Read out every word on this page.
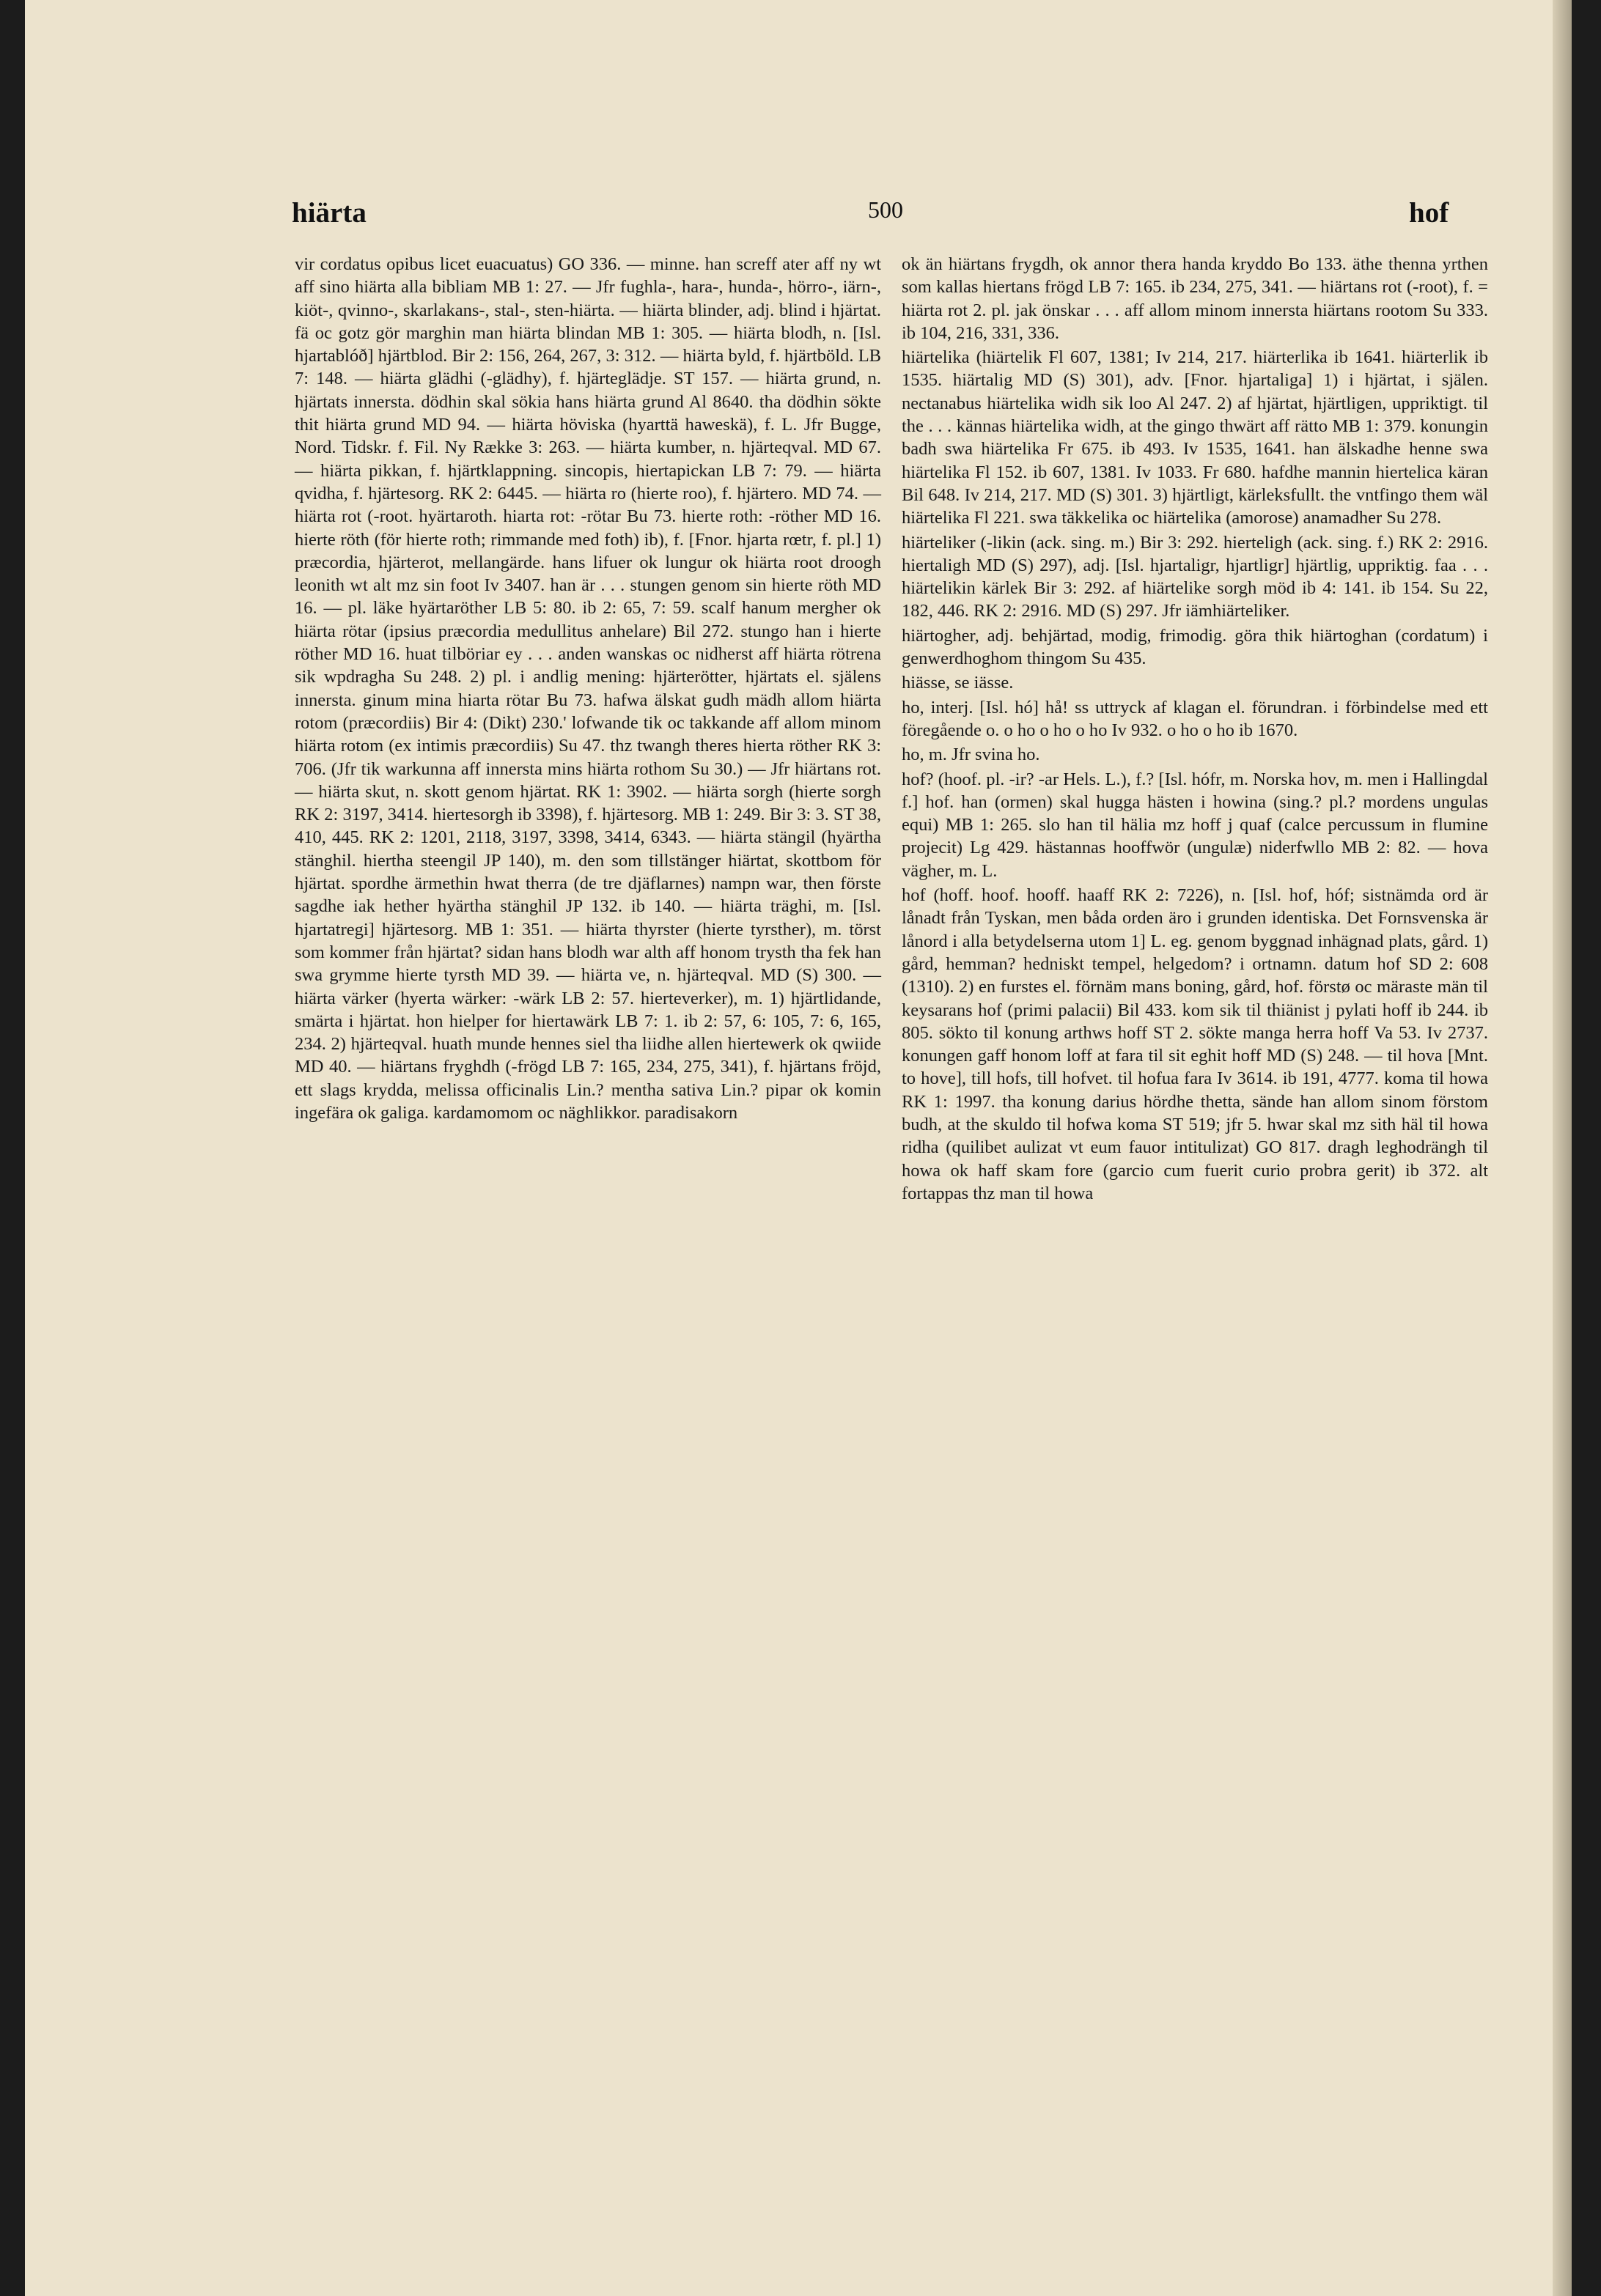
hiärta	500	hof

vir cordatus opibus licet euacuatus) GO 336. — minne. han screff ater aff ny wt aff sino hiärta alla bibliam MB 1: 27. — Jfr fughla-, hara-, hunda-, hörro-, iärn-, kiöt-, qvinno-, skarlakans-, stal-, sten-hiärta. — hiärta blinder, adj. blind i hjärtat. fä oc gotz gör marghin man hiärta blindan MB 1: 305. — hiärta blodh, n. [Isl. hjartablóð] hjärtblod. Bir 2: 156, 264, 267, 3: 312. — hiärta byld, f. hjärtböld. LB 7: 148. — hiärta glädhi (-glädhy), f. hjärteglädje. ST 157. — hiärta grund, n. hjärtats innersta. dödhin skal sökia hans hiärta grund Al 8640. tha dödhin sökte thit hiärta grund MD 94. — hiärta höviska (hyarttä haweskä), f. L. Jfr Bugge, Nord. Tidskr. f. Fil. Ny Række 3: 263. — hiärta kumber, n. hjärteqval. MD 67. — hiärta pikkan, f. hjärtklappning. sincopis, hiertapickan LB 7: 79. — hiärta qvidha, f. hjärtesorg. RK 2: 6445. — hiärta ro (hierte roo), f. hjärtero. MD 74. — hiärta rot (-root. hyärtaroth. hiarta rot: -rötar Bu 73. hierte roth: -röther MD 16. hierte röth (för hierte roth; rimmande med foth) ib), f. [Fnor. hjarta rœtr, f. pl.] 1) præcordia, hjärterot, mellangärde. hans lifuer ok lungur ok hiärta root droogh leonith wt alt mz sin foot Iv 3407. han är . . . stungen genom sin hierte röth MD 16. — pl. läke hyärtaröther LB 5: 80. ib 2: 65, 7: 59. scalf hanum mergher ok hiärta rötar (ipsius præcordia medullitus anhelare) Bil 272. stungo han i hierte röther MD 16. huat tilböriar ey . . . anden wanskas oc nidherst aff hiärta rötrena sik wpdragha Su 248. 2) pl. i andlig mening: hjärterötter, hjärtats el. själens innersta. ginum mina hiarta rötar Bu 73. hafwa älskat gudh mädh allom hiärta rotom (præcordiis) Bir 4: (Dikt) 230.' lofwande tik oc takkande aff allom minom hiärta rotom (ex intimis præcordiis) Su 47. thz twangh theres hierta röther RK 3: 706. (Jfr tik warkunna aff innersta mins hiärta rothom Su 30.) — Jfr hiärtans rot. — hiärta skut, n. skott genom hjärtat. RK 1: 3902. — hiärta sorgh (hierte sorgh RK 2: 3197, 3414. hiertesorgh ib 3398), f. hjärtesorg. MB 1: 249. Bir 3: 3. ST 38, 410, 445. RK 2: 1201, 2118, 3197, 3398, 3414, 6343. — hiärta stängil (hyärtha stänghil. hiertha steengil JP 140), m. den som tillstänger hiärtat, skottbom för hjärtat. spordhe ärmethin hwat therra (de tre djäflarnes) nampn war, then förste sagdhe iak hether hyärtha stänghil JP 132. ib 140. — hiärta träghi, m. [Isl. hjartatregi] hjärtesorg. MB 1: 351. — hiärta thyrster (hierte tyrsther), m. törst som kommer från hjärtat? sidan hans blodh war alth aff honom trysth tha fek han swa grymme hierte tyrsth MD 39. — hiärta ve, n. hjärteqval. MD (S) 300. — hiärta värker (hyerta wärker: -wärk LB 2: 57. hierteverker), m. 1) hjärtlidande, smärta i hjärtat. hon hielper for hiertawärk LB 7: 1. ib 2: 57, 6: 105, 7: 6, 165, 234. 2) hjärteqval. huath munde hennes siel tha liidhe allen hiertewerk ok qwiide MD 40. — hiärtans fryghdh (-frögd LB 7: 165, 234, 275, 341), f. hjärtans fröjd, ett slags krydda, melissa officinalis Lin.? mentha sativa Lin.? pipar ok komin ingefära ok galiga. kardamomom oc näghlikkor. paradisakorn

ok än hiärtans frygdh, ok annor thera handa kryddo Bo 133. äthe thenna yrthen som kallas hiertans frögd LB 7: 165. ib 234, 275, 341. — hiärtans rot (-root), f. = hiärta rot 2. pl. jak önskar . . . aff allom minom innersta hiärtans rootom Su 333. ib 104, 216, 331, 336.

hiärtelika (hiärtelik Fl 607, 1381; Iv 214, 217. hiärterlika ib 1641. hiärterlik ib 1535. hiärtalig MD (S) 301), adv. [Fnor. hjartaliga] 1) i hjärtat, i själen. nectanabus hiärtelika widh sik loo Al 247. 2) af hjärtat, hjärtligen, uppriktigt. til the . . . kännas hiärtelika widh, at the gingo thwärt aff rätto MB 1: 379. konungin badh swa hiärtelika Fr 675. ib 493. Iv 1535, 1641. han älskadhe henne swa hiärtelika Fl 152. ib 607, 1381. Iv 1033. Fr 680. hafdhe mannin hiertelica käran Bil 648. Iv 214, 217. MD (S) 301. 3) hjärtligt, kärleksfullt. the vntfingo them wäl hiärtelika Fl 221. swa täkkelika oc hiärtelika (amorose) anamadher Su 278.

hiärteliker (-likin (ack. sing. m.) Bir 3: 292. hierteligh (ack. sing. f.) RK 2: 2916. hiertaligh MD (S) 297), adj. [Isl. hjartaligr, hjartligr] hjärtlig, uppriktig. faa . . . hiärtelikin kärlek Bir 3: 292. af hiärtelike sorgh möd ib 4: 141. ib 154. Su 22, 182, 446. RK 2: 2916. MD (S) 297. Jfr iämhiärteliker.

hiärtogher, adj. behjärtad, modig, frimodig. göra thik hiärtoghan (cordatum) i genwerdhoghom thingom Su 435.

hiässe, se iässe.

ho, interj. [Isl. hó] hå! ss uttryck af klagan el. förundran. i förbindelse med ett föregående o. o ho o ho o ho Iv 932. o ho o ho ib 1670.

ho, m. Jfr svina ho.

hof? (hoof. pl. -ir? -ar Hels. L.), f.? [Isl. hófr, m. Norska hov, m. men i Hallingdal f.] hof. han (ormen) skal hugga hästen i howina (sing.? pl.? mordens ungulas equi) MB 1: 265. slo han til hälia mz hoff j quaf (calce percussum in flumine projecit) Lg 429. hästannas hooffwör (ungulæ) niderfwllo MB 2: 82. — hova vägher, m. L.

hof (hoff. hoof. hooff. haaff RK 2: 7226), n. [Isl. hof, hóf; sistnämda ord är lånadt från Tyskan, men båda orden äro i grunden identiska. Det Fornsvenska är lånord i alla betydelserna utom 1] L. eg. genom byggnad inhägnad plats, gård. 1) gård, hemman? hedniskt tempel, helgedom? i ortnamn. datum hof SD 2: 608 (1310). 2) en furstes el. förnäm mans boning, gård, hof. förstø oc märaste män til keysarans hof (primi palacii) Bil 433. kom sik til thiänist j pylati hoff ib 244. ib 805. sökto til konung arthws hoff ST 2. sökte manga herra hoff Va 53. Iv 2737. konungen gaff honom loff at fara til sit eghit hoff MD (S) 248. — til hova [Mnt. to hove], till hofs, till hofvet. til hofua fara Iv 3614. ib 191, 4777. koma til howa RK 1: 1997. tha konung darius hördhe thetta, sände han allom sinom förstom budh, at the skuldo til hofwa koma ST 519; jfr 5. hwar skal mz sith häl til howa ridha (quilibet aulizat vt eum fauor intitulizat) GO 817. dragh leghodrängh til howa ok haff skam fore (garcio cum fuerit curio probra gerit) ib 372. alt fortappas thz man til howa
